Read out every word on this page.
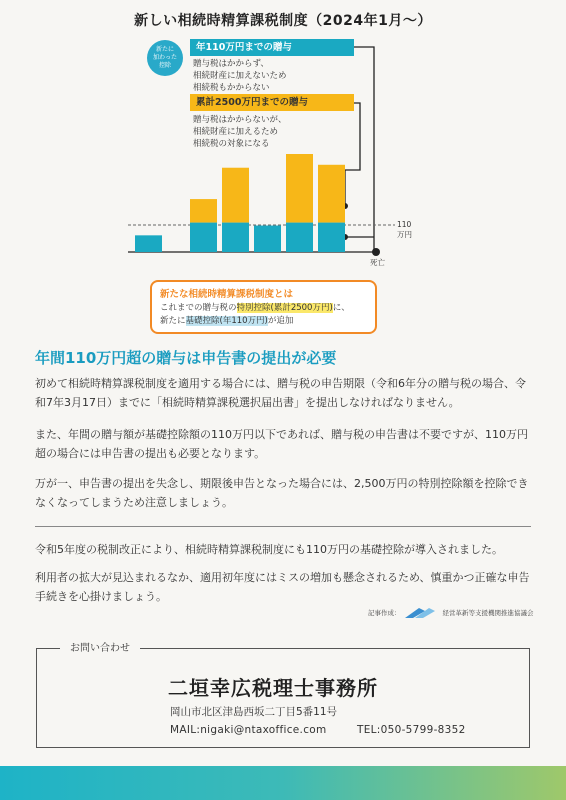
新しい相続時精算課税制度（2024年1月～）
新たに
加わった
控除
年110万円までの贈与
贈与税はかからず、
相続財産に加えないため
相続税もかからない
累計2500万円までの贈与
贈与税はかからないが、
相続財産に加えるため
相続税の対象になる
110
万円
死亡
新たな相続時精算課税制度とは
これまでの贈与税の特別控除(累計2500万円)に、
新たに基礎控除(年110万円)が追加
年間110万円超の贈与は申告書の提出が必要
初めて相続時精算課税制度を適用する場合には、贈与税の申告期限（令和6年分の贈与税の場合、令和7年3月17日）までに「相続時精算課税選択届出書」を提出しなければなりません。
また、年間の贈与額が基礎控除額の110万円以下であれば、贈与税の申告書は不要ですが、110万円超の場合には申告書の提出も必要となります。
万が一、申告書の提出を失念し、期限後申告となった場合には、2,500万円の特別控除額を控除できなくなってしまうため注意しましょう。
令和5年度の税制改正により、相続時精算課税制度にも110万円の基礎控除が導入されました。
利用者の拡大が見込まれるなか、適用初年度にはミスの増加も懸念されるため、慎重かつ正確な申告手続きを心掛けましょう。
記事作成：	経営革新等支援機関推進協議会
お問い合わせ
二垣幸広税理士事務所
岡山市北区津島西坂二丁目5番11号
MAIL:nigaki@ntaxoffice.com	TEL:050-5799-8352
